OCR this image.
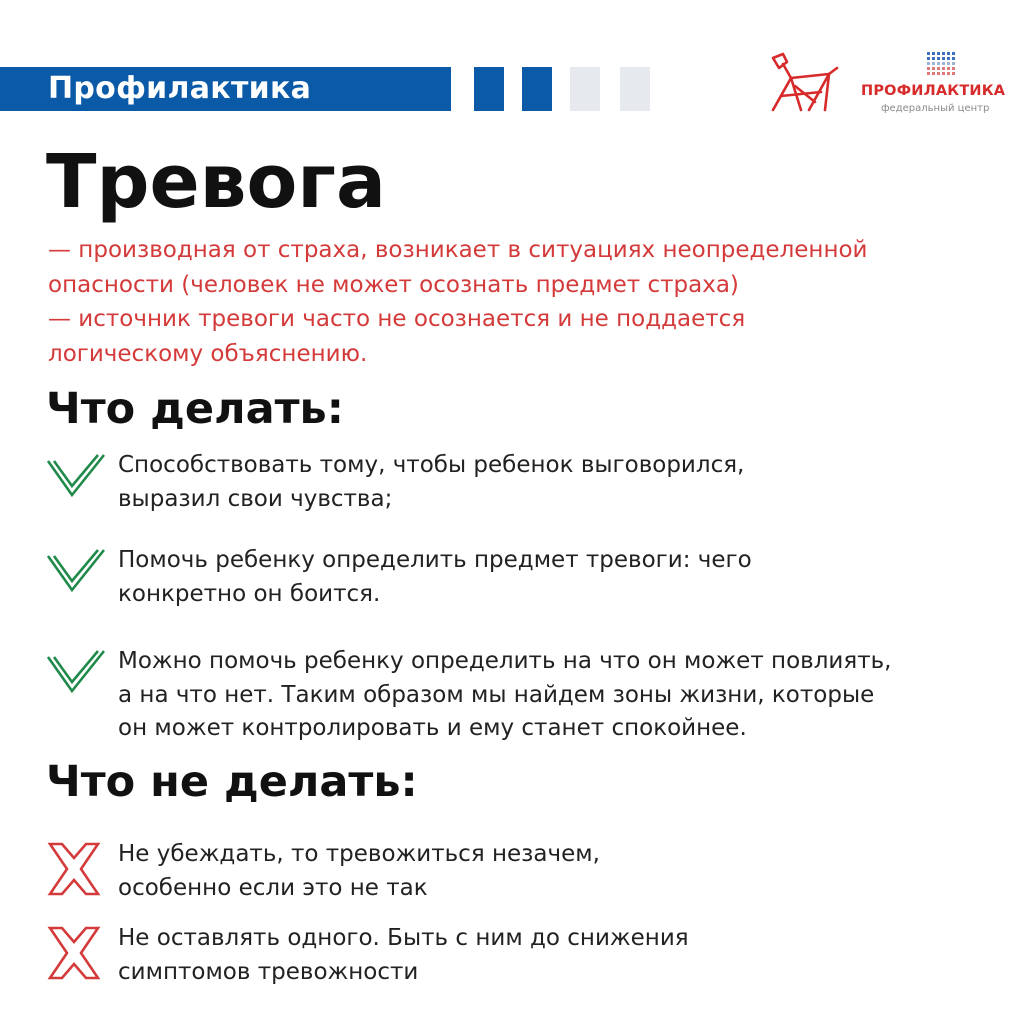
Профилактика	ПРОФИЛАКТИКА
федеральный центр
Тревога
— производная от страха, возникает в ситуациях неопределенной
опасности (человек не может осознать предмет страха)
— источник тревоги часто не осознается и не поддается
логическому объяснению.
Что делать:
Способствовать тому, чтобы ребенок выговорился,
выразил свои чувства;
Помочь ребенку определить предмет тревоги: чего
конкретно он боится.
Можно помочь ребенку определить на что он может повлиять,
а на что нет. Таким образом мы найдем зоны жизни, которые
он может контролировать и ему станет спокойнее.
Что не делать:
Не убеждать, то тревожиться незачем,
особенно если это не так
Не оставлять одного. Быть с ним до снижения
симптомов тревожности
